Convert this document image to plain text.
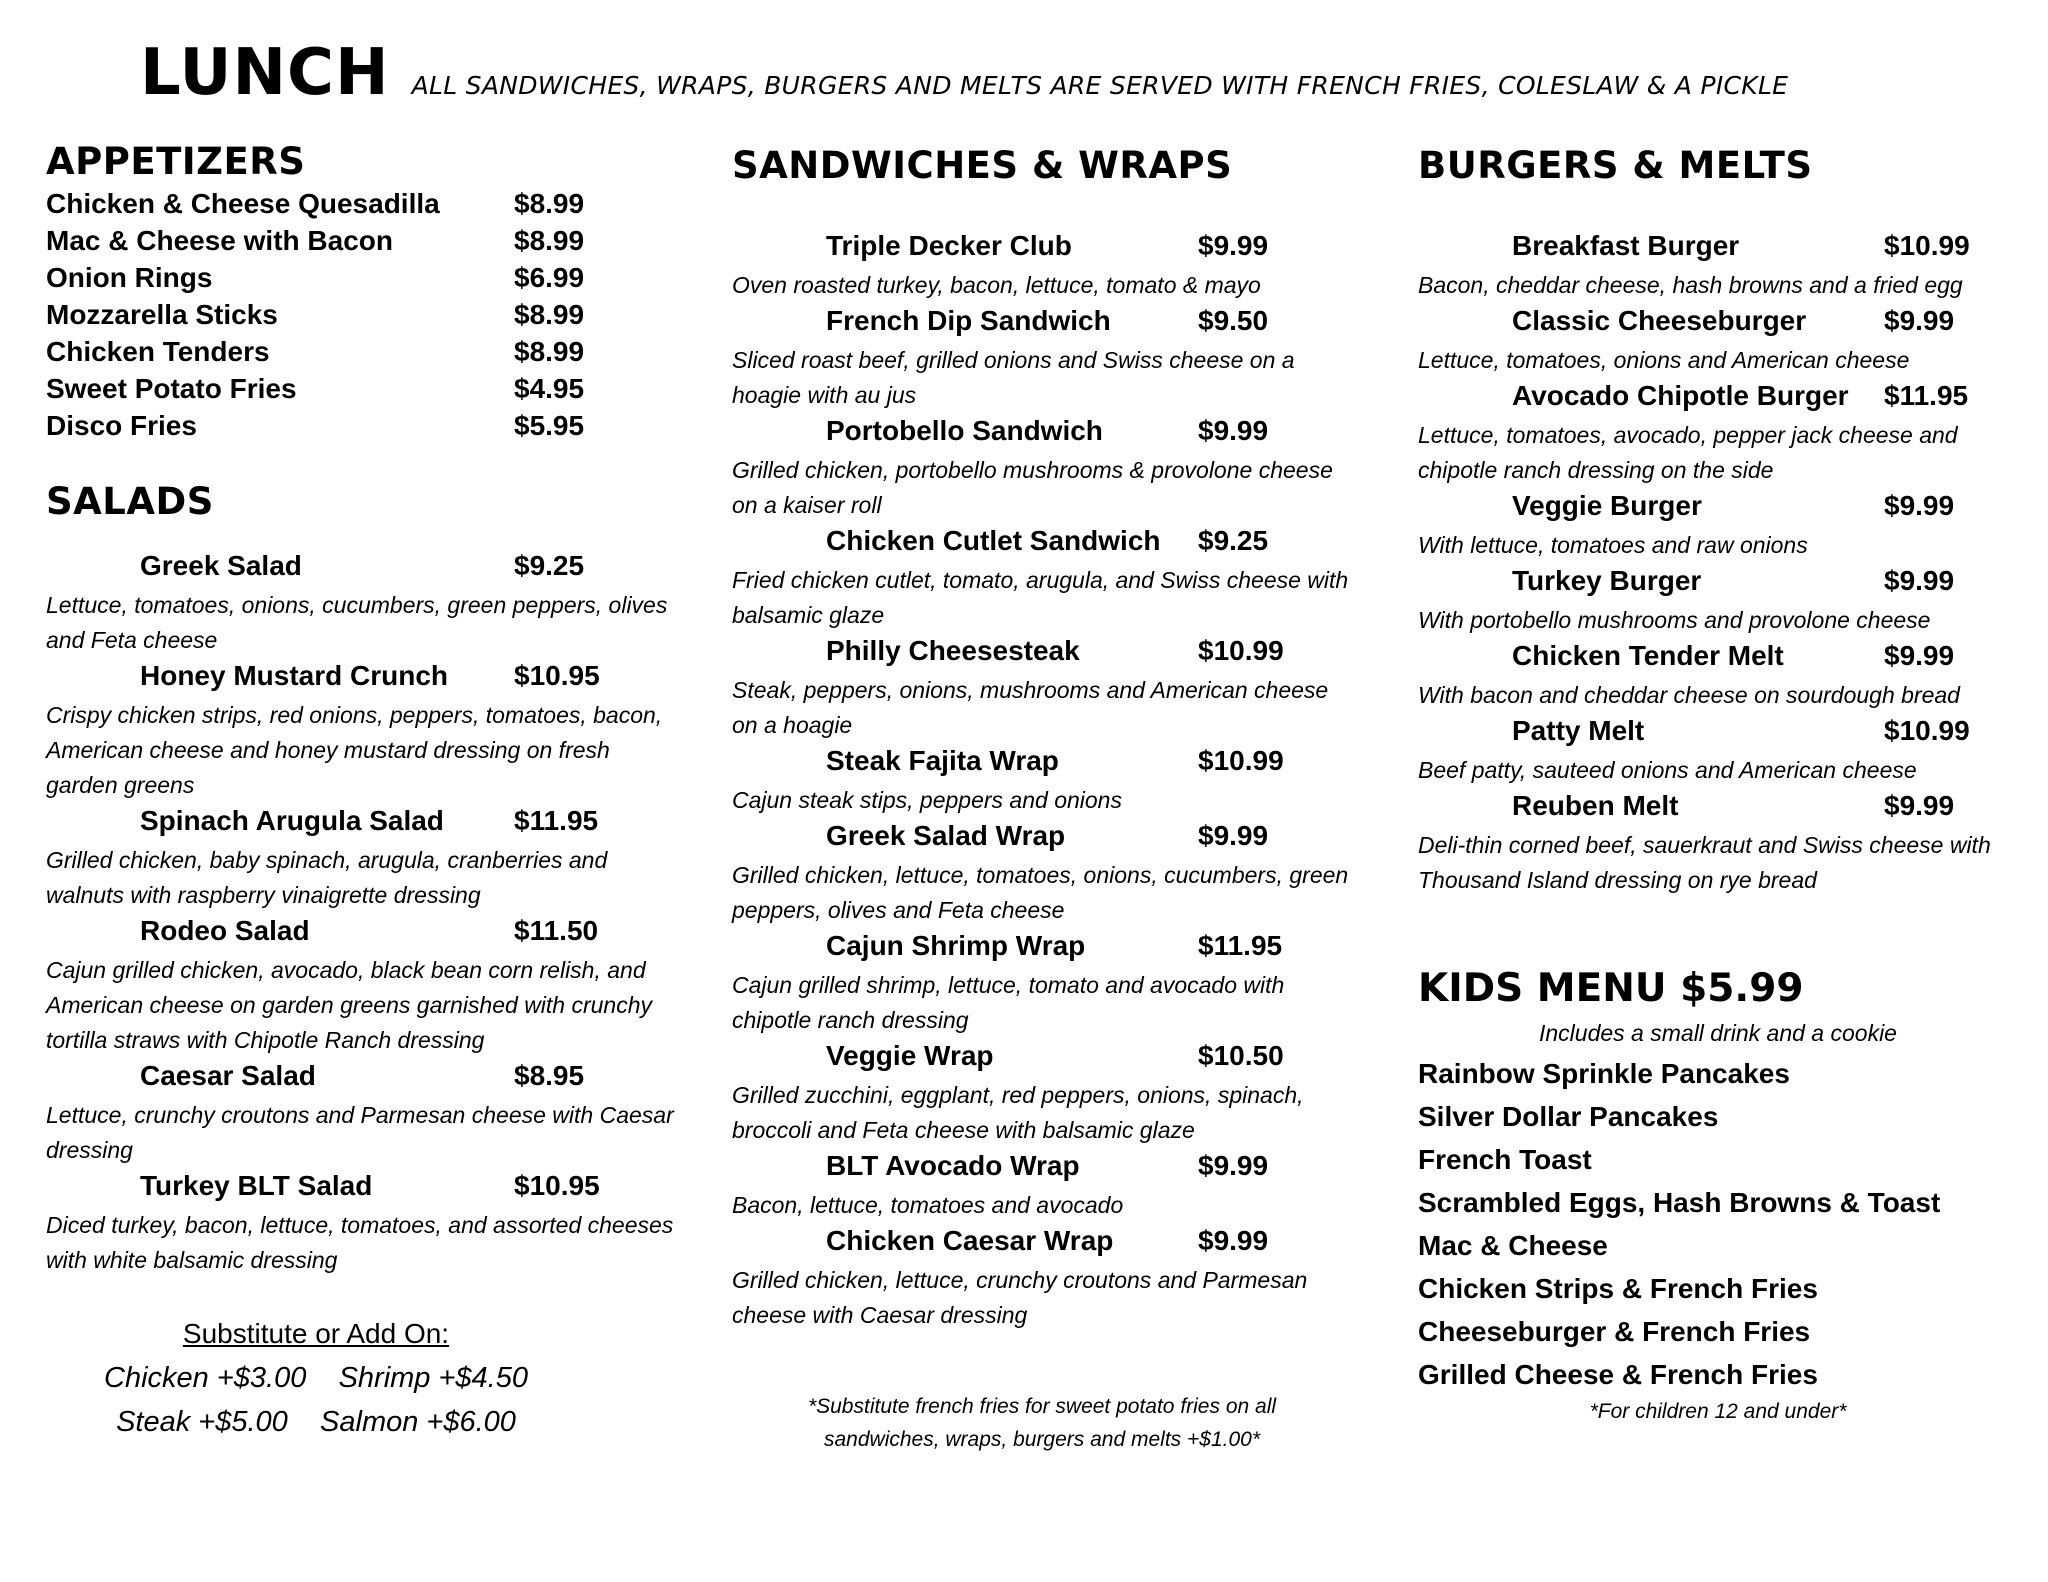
LUNCH ALL SANDWICHES, WRAPS, BURGERS AND MELTS ARE SERVED WITH FRENCH FRIES, COLESLAW & A PICKLE
APPETIZERS
Chicken & Cheese Quesadilla	$8.99
Mac & Cheese with Bacon	$8.99
Onion Rings	$6.99
Mozzarella Sticks	$8.99
Chicken Tenders	$8.99
Sweet Potato Fries	$4.95
Disco Fries	$5.95
SALADS
Greek Salad	$9.25
Lettuce, tomatoes, onions, cucumbers, green peppers, olives and Feta cheese
Honey Mustard Crunch $10.95
Crispy chicken strips, red onions, peppers, tomatoes, bacon, American cheese and honey mustard dressing on fresh garden greens
Spinach Arugula Salad	$11.95
Grilled chicken, baby spinach, arugula, cranberries and walnuts with raspberry vinaigrette dressing
Rodeo Salad	$11.50
Cajun grilled chicken, avocado, black bean corn relish, and American cheese on garden greens garnished with crunchy tortilla straws with Chipotle Ranch dressing
Caesar Salad	$8.95
Lettuce, crunchy croutons and Parmesan cheese with Caesar dressing
Turkey BLT Salad	$10.95
Diced turkey, bacon, lettuce, tomatoes, and assorted cheeses with white balsamic dressing
Substitute or Add On:
Chicken +$3.00    Shrimp +$4.50
Steak +$5.00    Salmon +$6.00
SANDWICHES & WRAPS
Triple Decker Club	$9.99
Oven roasted turkey, bacon, lettuce, tomato & mayo
French Dip Sandwich	$9.50
Sliced roast beef, grilled onions and Swiss cheese on a hoagie with au jus
Portobello Sandwich	$9.99
Grilled chicken, portobello mushrooms & provolone cheese on a kaiser roll
Chicken Cutlet Sandwich $9.25
Fried chicken cutlet, tomato, arugula, and Swiss cheese with balsamic glaze
Philly Cheesesteak	$10.99
Steak, peppers, onions, mushrooms and American cheese on a hoagie
Steak Fajita Wrap	$10.99
Cajun steak stips, peppers and onions
Greek Salad Wrap	$9.99
Grilled chicken, lettuce, tomatoes, onions, cucumbers, green peppers, olives and Feta cheese
Cajun Shrimp Wrap	$11.95
Cajun grilled shrimp, lettuce, tomato and avocado with chipotle ranch dressing
Veggie Wrap	$10.50
Grilled zucchini, eggplant, red peppers, onions, spinach, broccoli and Feta cheese with balsamic glaze
BLT Avocado Wrap	$9.99
Bacon, lettuce, tomatoes and avocado
Chicken Caesar Wrap	$9.99
Grilled chicken, lettuce, crunchy croutons and Parmesan cheese with Caesar dressing
*Substitute french fries for sweet potato fries on all
sandwiches, wraps, burgers and melts +$1.00*
BURGERS & MELTS
Breakfast Burger	$10.99
Bacon, cheddar cheese, hash browns and a fried egg
Classic Cheeseburger	$9.99
Lettuce, tomatoes, onions and American cheese
Avocado Chipotle Burger $11.95
Lettuce, tomatoes, avocado, pepper jack cheese and chipotle ranch dressing on the side
Veggie Burger	$9.99
With lettuce, tomatoes and raw onions
Turkey Burger	$9.99
With portobello mushrooms and provolone cheese
Chicken Tender Melt	$9.99
With bacon and cheddar cheese on sourdough bread
Patty Melt	$10.99
Beef patty, sauteed onions and American cheese
Reuben Melt	$9.99
Deli-thin corned beef, sauerkraut and Swiss cheese with Thousand Island dressing on rye bread
KIDS MENU $5.99
Includes a small drink and a cookie
Rainbow Sprinkle Pancakes
Silver Dollar Pancakes
French Toast
Scrambled Eggs, Hash Browns & Toast
Mac & Cheese
Chicken Strips & French Fries
Cheeseburger & French Fries
Grilled Cheese & French Fries
*For children 12 and under*
